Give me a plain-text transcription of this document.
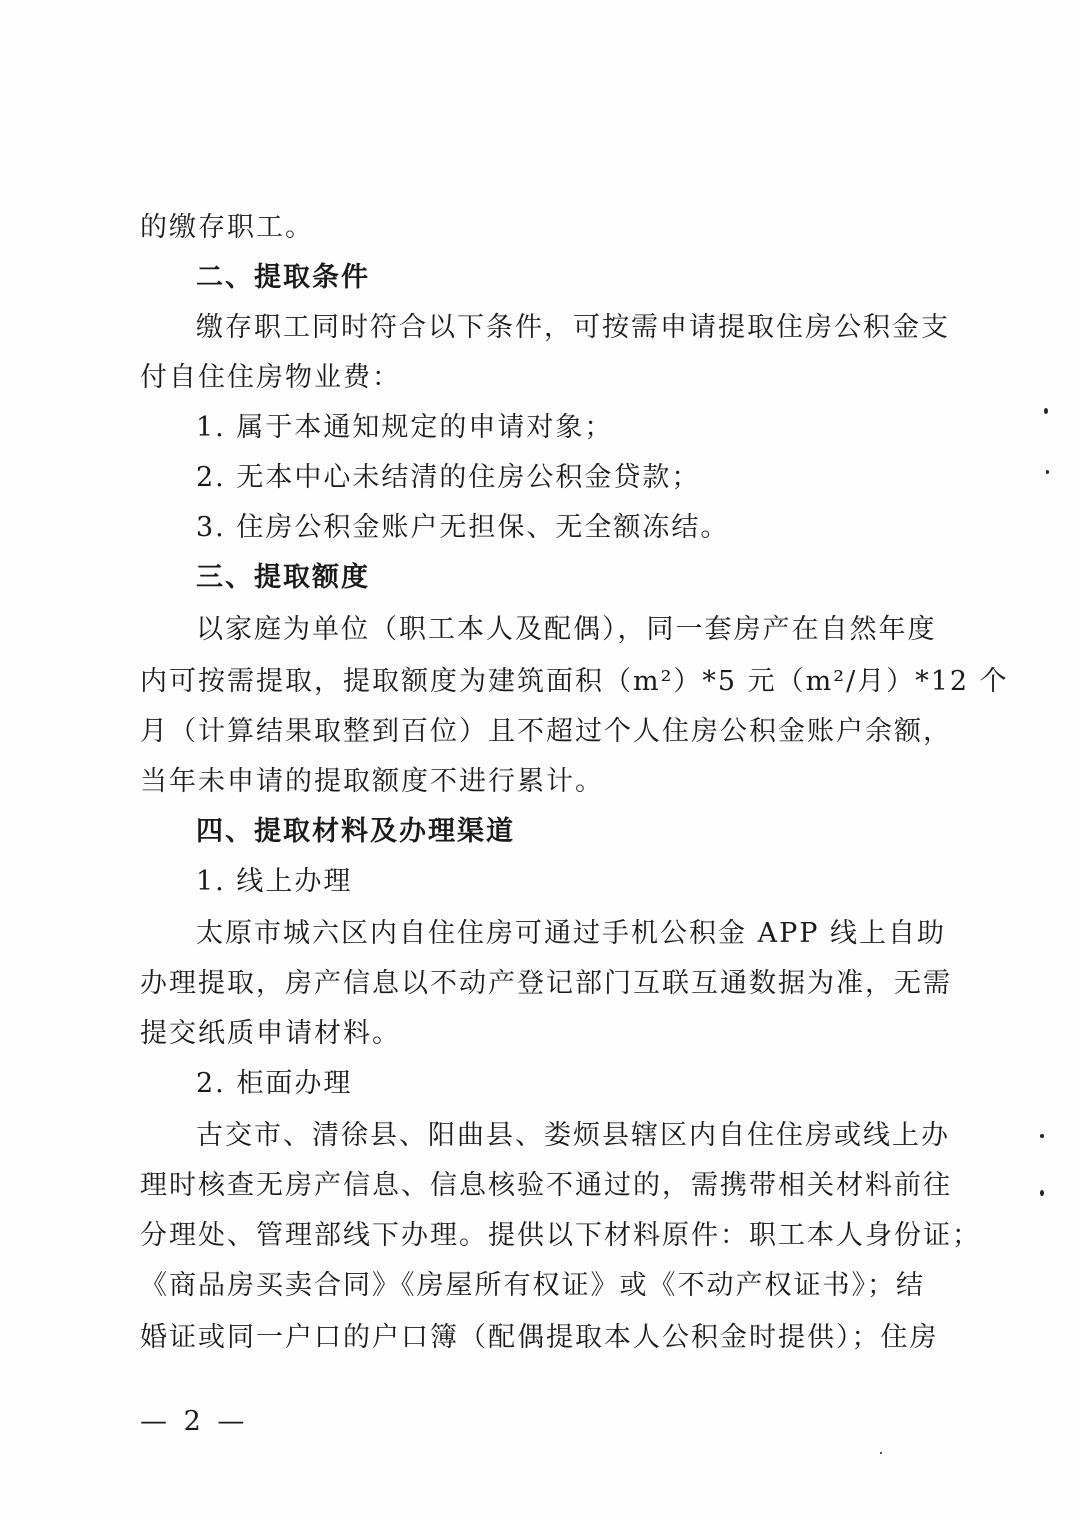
的缴存职工。
二、提取条件
缴存职工同时符合以下条件，可按需申请提取住房公积金支
付自住住房物业费：
1. 属于本通知规定的申请对象；
2. 无本中心未结清的住房公积金贷款；
3. 住房公积金账户无担保、无全额冻结。
三、提取额度
以家庭为单位（职工本人及配偶），同一套房产在自然年度
内可按需提取，提取额度为建筑面积（m²）*5 元（m²/月）*12 个
月（计算结果取整到百位）且不超过个人住房公积金账户余额，
当年未申请的提取额度不进行累计。
四、提取材料及办理渠道
1. 线上办理
太原市城六区内自住住房可通过手机公积金 APP 线上自助
办理提取，房产信息以不动产登记部门互联互通数据为准，无需
提交纸质申请材料。
2. 柜面办理
古交市、清徐县、阳曲县、娄烦县辖区内自住住房或线上办
理时核查无房产信息、信息核验不通过的，需携带相关材料前往
分理处、管理部线下办理。提供以下材料原件：职工本人身份证；
《商品房买卖合同》《房屋所有权证》或《不动产权证书》；结
婚证或同一户口的户口簿（配偶提取本人公积金时提供）；住房
— 2 —
